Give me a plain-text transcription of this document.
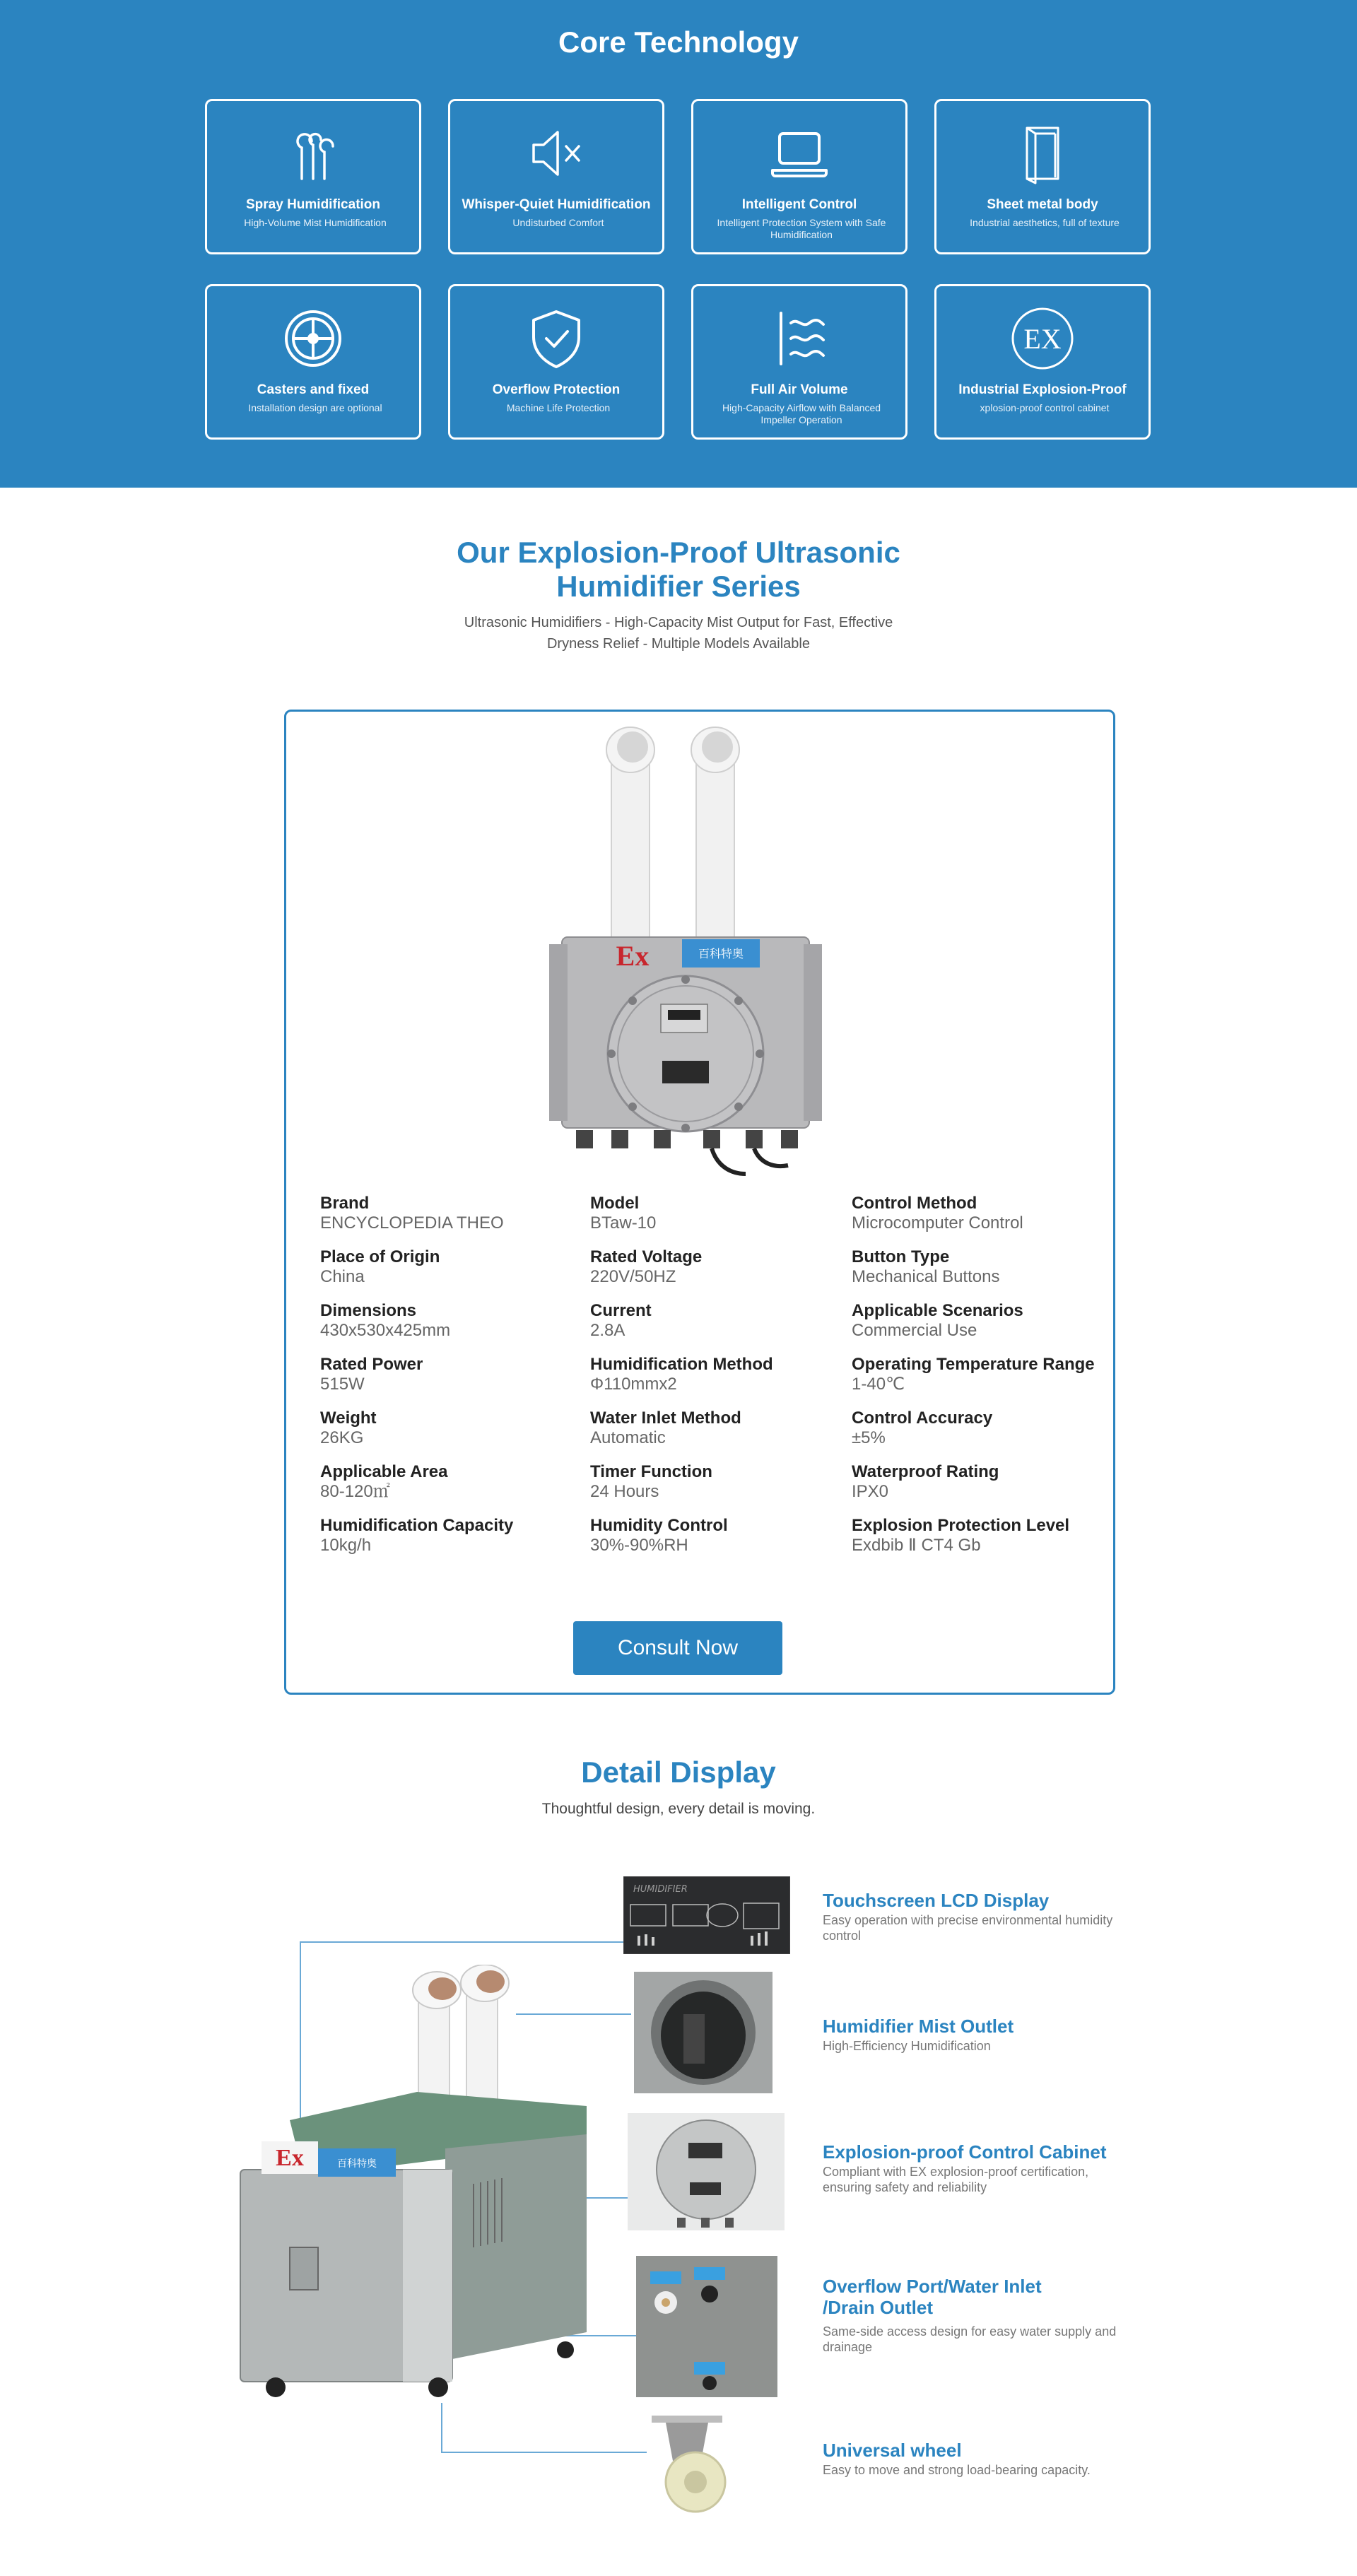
Core Technology
Spray Humidification
High-Volume Mist Humidification
Whisper-Quiet Humidification
Undisturbed Comfort
Intelligent Control
Intelligent Protection System with Safe Humidification
Sheet metal body
Industrial aesthetics, full of texture
Casters and fixed
Installation design are optional
Overflow Protection
Machine Life Protection
Full Air Volume
High-Capacity Airflow with Balanced Impeller Operation
EX
Industrial Explosion-Proof
xplosion-proof control cabinet
Our Explosion-Proof Ultrasonic
Humidifier Series

Ultrasonic Humidifiers - High-Capacity Mist Output for Fast, Effective Dryness Relief - Multiple Models Available

百科特奥
Ex
Brand
ENCYCLOPEDIA THEO
Place of Origin
China
Dimensions
430x530x425mm
Rated Power
515W
Weight
26KG
Applicable Area
80-120㎡
Humidification Capacity
10kg/h
Model
BTaw-10
Rated Voltage
220V/50HZ
Current
2.8A
Humidification Method
Φ110mmx2
Water Inlet Method
Automatic
Timer Function
24 Hours
Humidity Control
30%-90%RH
Control Method
Microcomputer Control
Button Type
Mechanical Buttons
Applicable Scenarios
Commercial Use
Operating Temperature Range
1-40℃
Control Accuracy
±5%
Waterproof Rating
IPX0
Explosion Protection Level
Exdbib Ⅱ CT4 Gb
Consult Now
Detail Display

Thoughtful design, every detail is moving.

Ex	百科特奥
HUMIDIFIER
Touchscreen LCD Display
Easy operation with precise environmental humidity control
Humidifier Mist Outlet
High-Efficiency Humidification
Explosion-proof Control Cabinet
Compliant with EX explosion-proof certification, ensuring safety and reliability
Overflow Port/Water Inlet /Drain Outlet
Same-side access design for easy water supply and drainage
Universal wheel
Easy to move and strong load-bearing capacity.
